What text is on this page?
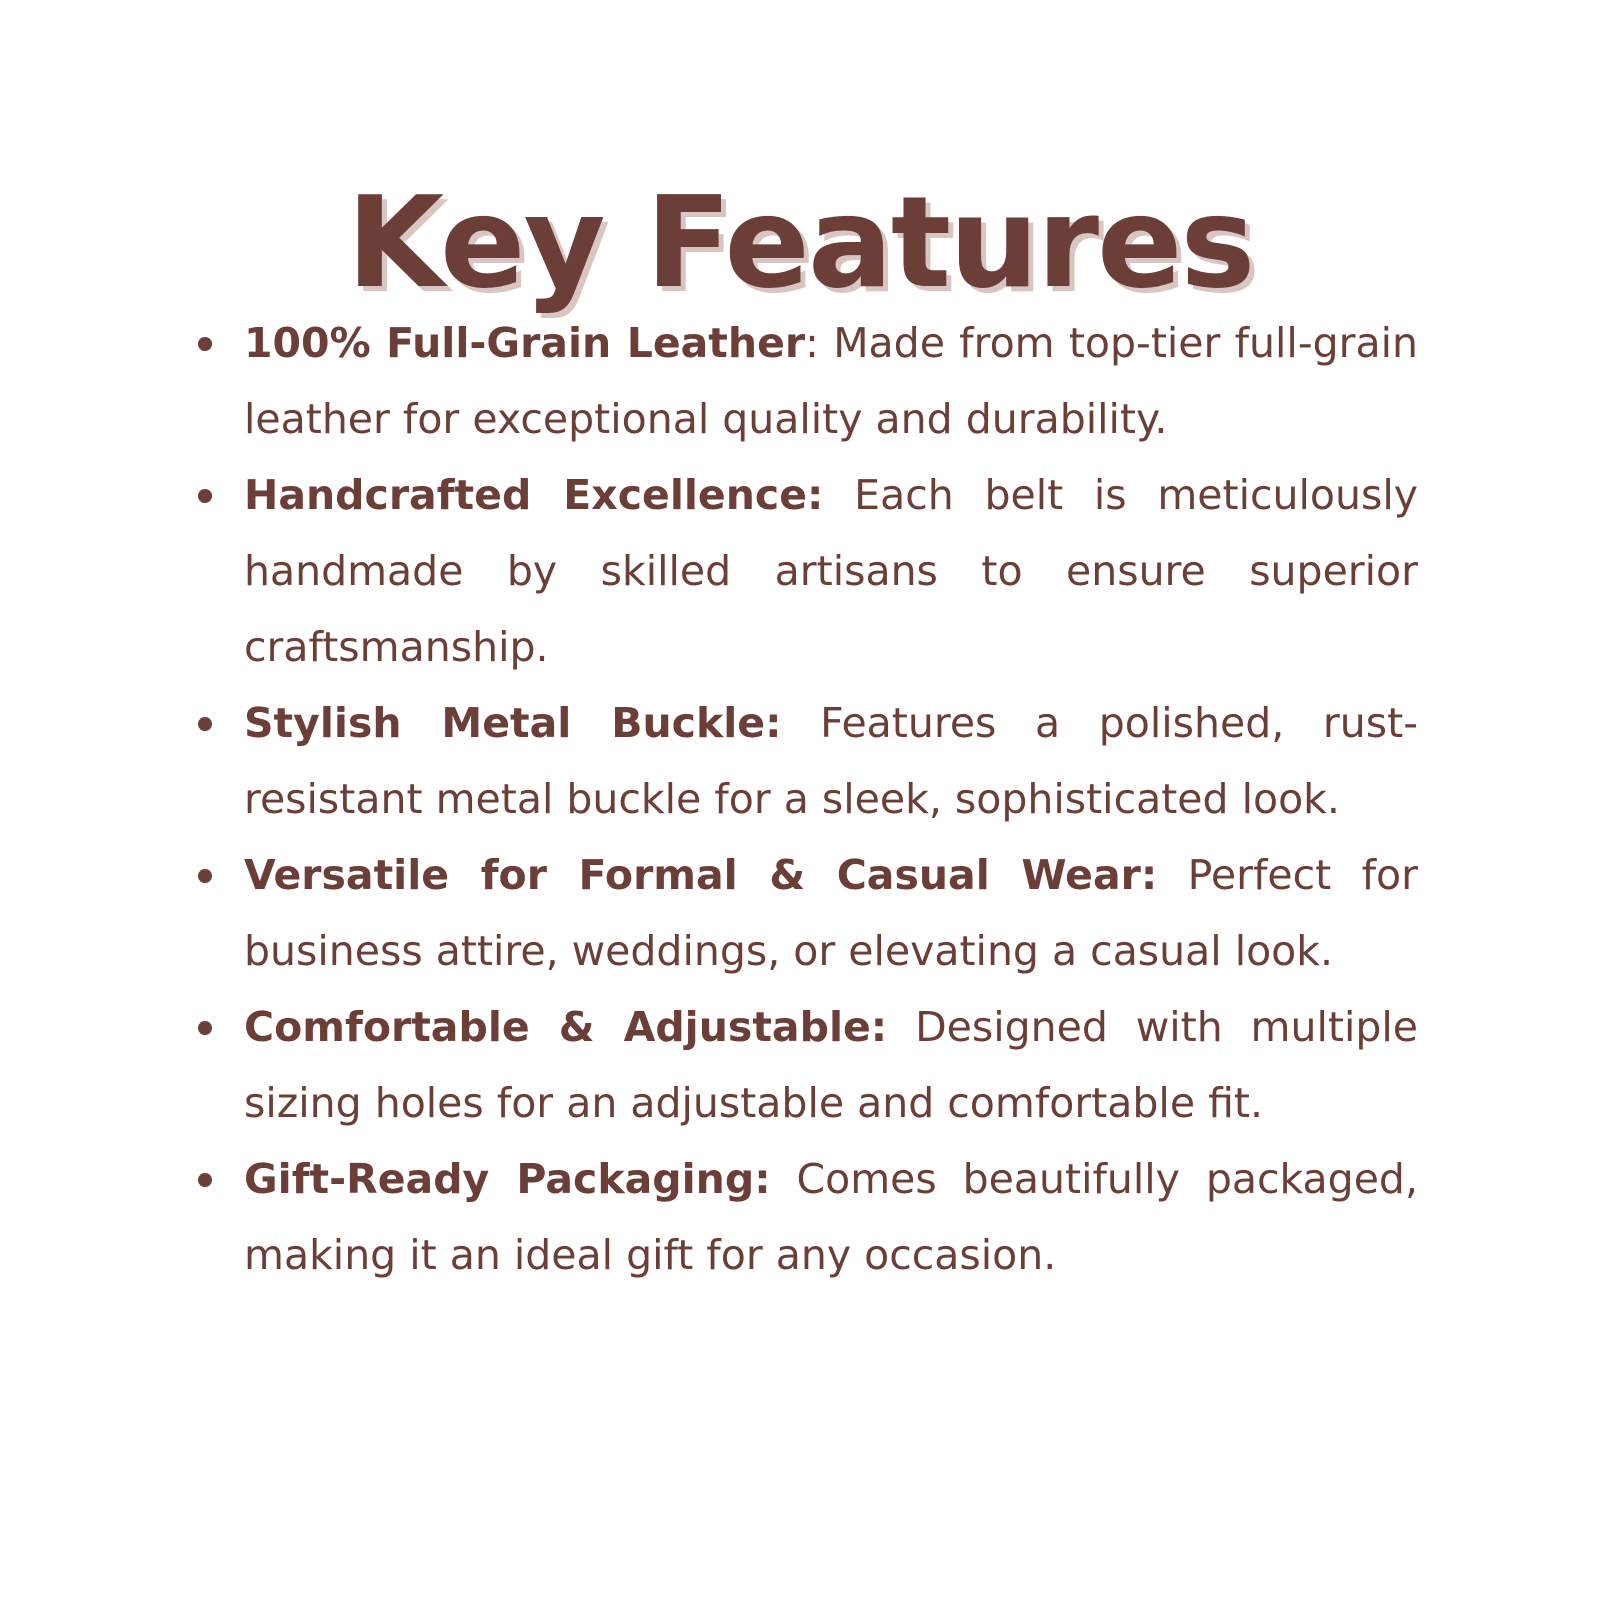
Key Features
100% Full-Grain Leather: Made from top-tier full-grain leather for exceptional quality and durability.
Handcrafted Excellence: Each belt is meticulously handmade by skilled artisans to ensure superior craftsmanship.
Stylish Metal Buckle: Features a polished, rust-resistant metal buckle for a sleek, sophisticated look.
Versatile for Formal & Casual Wear: Perfect for business attire, weddings, or elevating a casual look.
Comfortable & Adjustable: Designed with multiple sizing holes for an adjustable and comfortable fit.
Gift-Ready Packaging: Comes beautifully packaged, making it an ideal gift for any occasion.
